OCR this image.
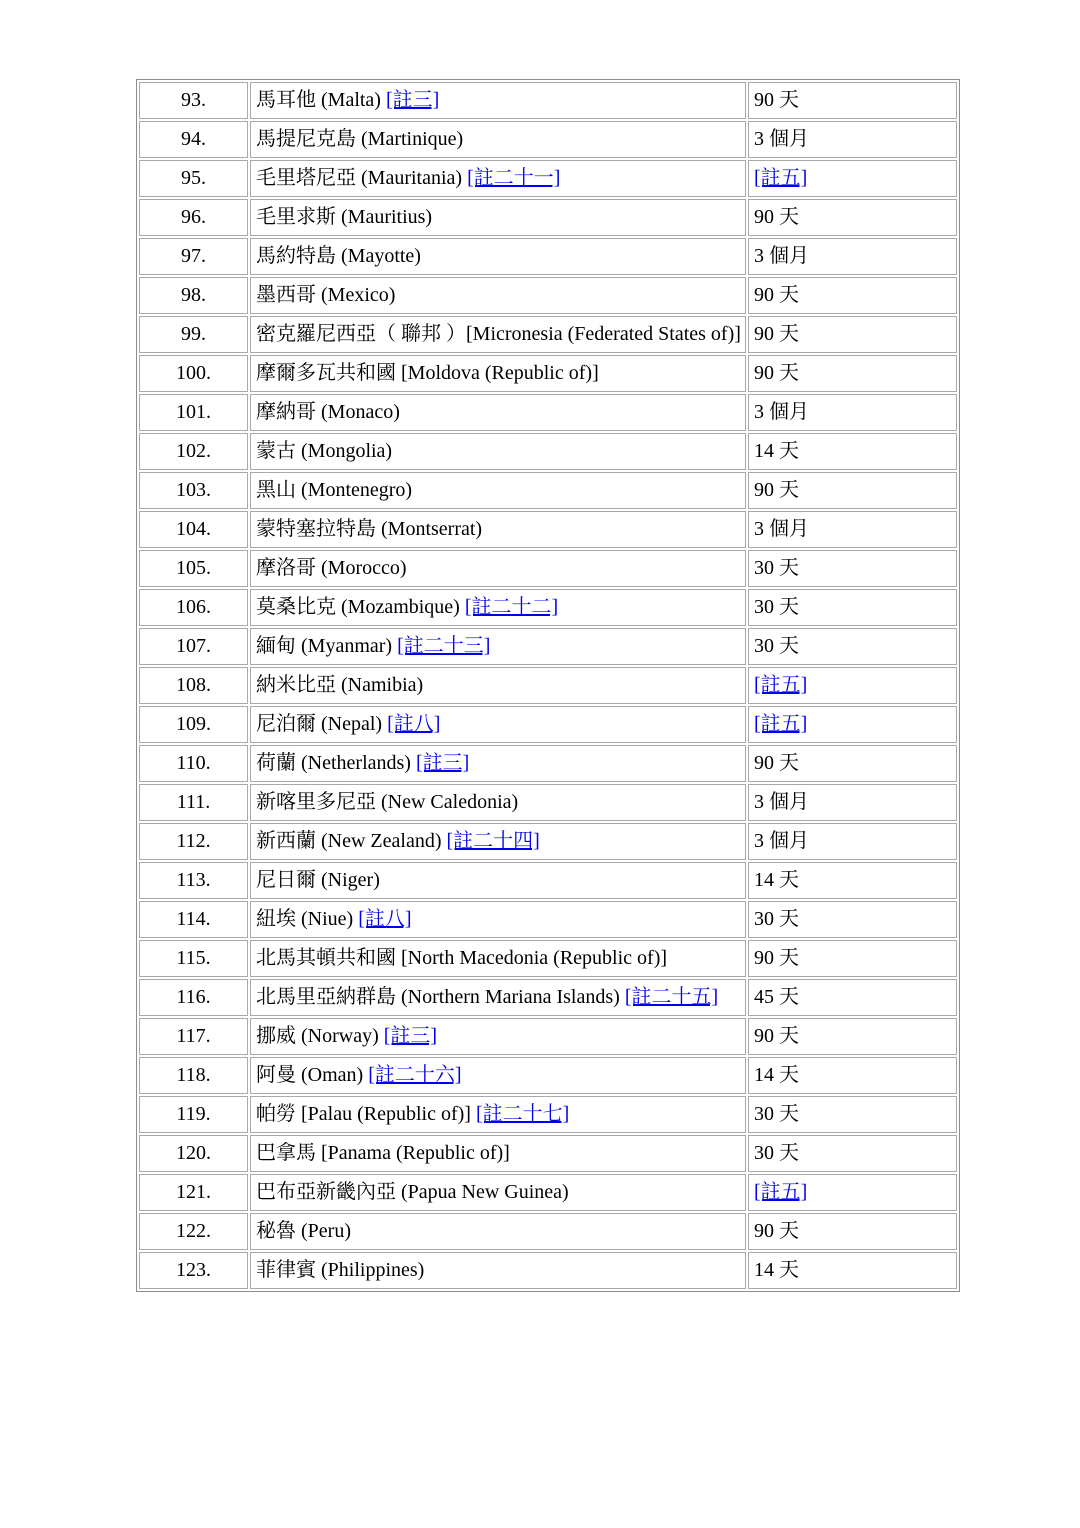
93.	馬耳他 (Malta) [註三]	90 天
94.	馬提尼克島 (Martinique)	3 個月
95.	毛里塔尼亞 (Mauritania) [註二十一]	[註五]
96.	毛里求斯 (Mauritius)	90 天
97.	馬約特島 (Mayotte)	3 個月
98.	墨西哥 (Mexico)	90 天
99.	密克羅尼西亞（ 聯邦 ）[Micronesia (Federated States of)]	90 天
100.	摩爾多瓦共和國 [Moldova (Republic of)]	90 天
101.	摩納哥 (Monaco)	3 個月
102.	蒙古 (Mongolia)	14 天
103.	黑山 (Montenegro)	90 天
104.	蒙特塞拉特島 (Montserrat)	3 個月
105.	摩洛哥 (Morocco)	30 天
106.	莫桑比克 (Mozambique) [註二十二]	30 天
107.	緬甸 (Myanmar) [註二十三]	30 天
108.	納米比亞 (Namibia)	[註五]
109.	尼泊爾 (Nepal) [註八]	[註五]
110.	荷蘭 (Netherlands) [註三]	90 天
111.	新喀里多尼亞 (New Caledonia)	3 個月
112.	新西蘭 (New Zealand) [註二十四]	3 個月
113.	尼日爾 (Niger)	14 天
114.	紐埃 (Niue) [註八]	30 天
115.	北馬其頓共和國 [North Macedonia (Republic of)]	90 天
116.	北馬里亞納群島 (Northern Mariana Islands) [註二十五]	45 天
117.	挪威 (Norway) [註三]	90 天
118.	阿曼 (Oman) [註二十六]	14 天
119.	帕勞 [Palau (Republic of)] [註二十七]	30 天
120.	巴拿馬 [Panama (Republic of)]	30 天
121.	巴布亞新畿內亞 (Papua New Guinea)	[註五]
122.	秘魯 (Peru)	90 天
123.	菲律賓 (Philippines)	14 天
